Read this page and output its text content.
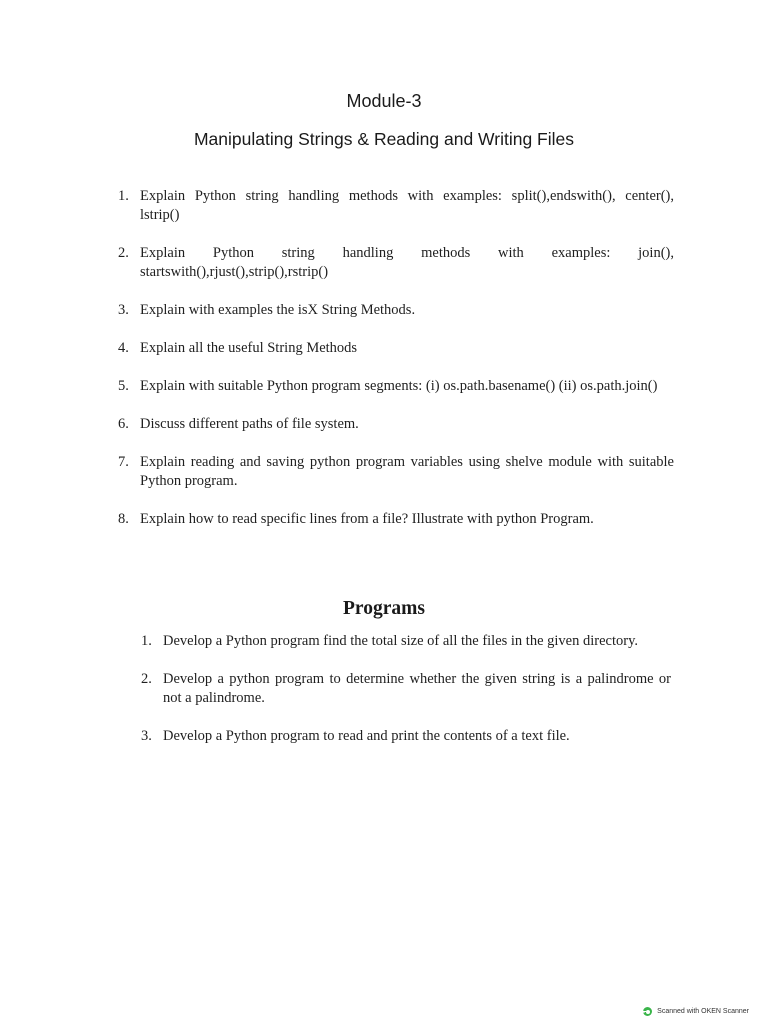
Module-3
Manipulating Strings & Reading and Writing Files
1. Explain Python string handling methods with examples: split(),endswith(), center(),
lstrip()
2. Explain Python string handling methods with examples: join(),
startswith(),rjust(),strip(),rstrip()
3. Explain with examples the isX String Methods.
4. Explain all the useful String Methods
5. Explain with suitable Python program segments: (i) os.path.basename() (ii) os.path.join()
6. Discuss different paths of file system.
7. Explain reading and saving python program variables using shelve module with suitable
Python program.
8. Explain how to read specific lines from a file? Illustrate with python Program.
Programs
1. Develop a Python program find the total size of all the files in the given directory.
2. Develop a python program to determine whether the given string is a palindrome or
not a palindrome.
3. Develop a Python program to read and print the contents of a text file.
Scanned with OKEN Scanner
